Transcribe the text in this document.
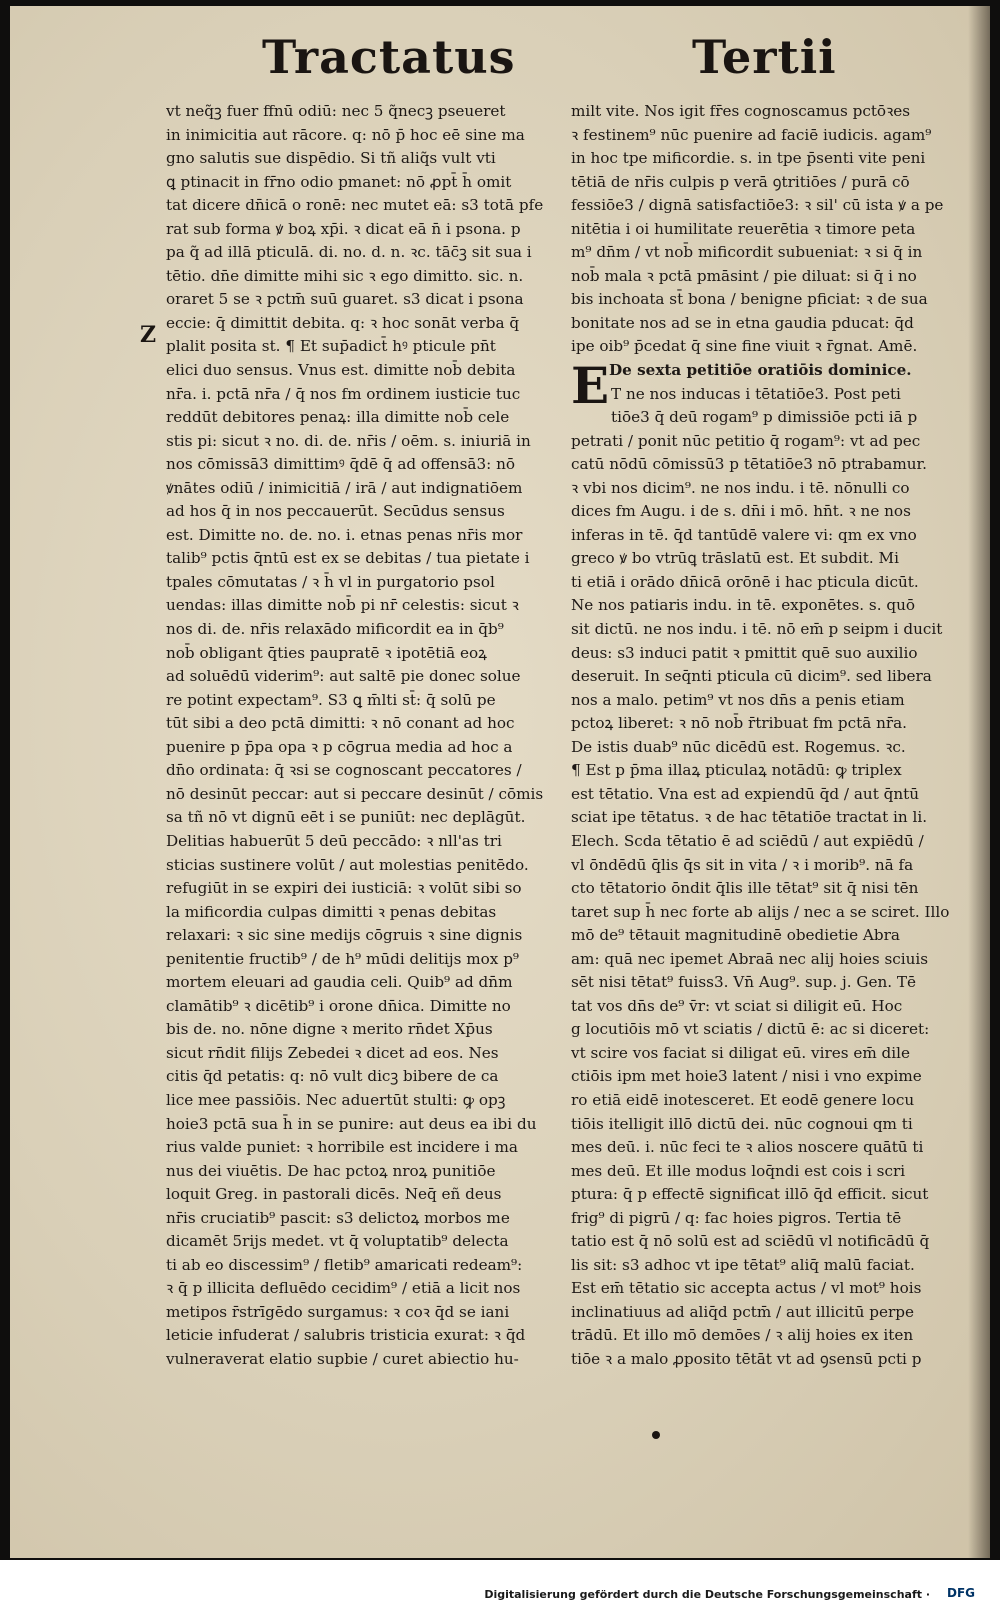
Tractatus	Tertii
Z
vt neq̃ꝫ fuer ffnū odiū: nec 5 q̃necꝫ pseueret
in inimicitia aut rācore. q: nō p̄ hoc eē sine ma
gno salutis sue dispēdio. Si tñ aliq̃s vult vti
ꝗ ptinacit in fr̄no odio pmanet: nō ꝓpt̄ h̄ omit
tat dicere dn̄icā o ronē: nec mutet eā: s3 totā pfe
rat sub forma ꝟ boꝝ xp̄i. ꝛ dicat eā n̄ i psona. p
pa q̃ ad illā pticulā. di. no. d. n. ꝛc. tāc̄ꝫ sit sua i
tētio. dn̄e dimitte mihi sic ꝛ ego dimitto. sic. n.
oraret 5 se ꝛ pctm̄ suū guaret. s3 dicat i psona
eccie: q̄ dimittit debita. q: ꝛ hoc sonāt verba q̄
plalit posita st. ¶ Et sup̄adict̄ hꝰ pticule pn̄t
elici duo sensus. Vnus est. dimitte nob̄ debita
nr̄a. i. pctā nr̄a / q̄ nos fm ordinem iusticie tuc
reddūt debitores penaꝝ: illa dimitte nob̄ cele
stis pi: sicut ꝛ no. di. de. nr̄is / oēm. s. iniuriā in
nos cōmissā3 dimittimꝰ q̄dē q̄ ad offensā3: nō
ꝟnātes odiū / inimicitiā / irā / aut indignatiōem
ad hos q̄ in nos peccauerūt. Secūdus sensus
est. Dimitte no. de. no. i. etnas penas nr̄is mor
talib⁹ pctis q̄ntū est ex se debitas / tua pietate i
tpales cōmutatas / ꝛ h̄ vl in purgatorio psol
uendas: illas dimitte nob̄ pi nr̄ celestis: sicut ꝛ
nos di. de. nr̄is relaxādo mificordit ea in q̄b⁹
nob̄ obligant q̄ties paupratē ꝛ ipotētiā eoꝝ
ad soluēdū viderim⁹: aut saltē pie donec solue
re potint expectam⁹. S3 ꝗ m̄lti st̄: q̄ solū pe
tūt sibi a deo pctā dimitti: ꝛ nō conant ad hoc
puenire p p̄pa opa ꝛ p cōgrua media ad hoc a
dn̄o ordinata: q̄ ꝛsi se cognoscant peccatores /
nō desinūt peccar: aut si peccare desinūt / cōmis
sa tñ nō vt dignū eēt i se puniūt: nec deplāgūt.
Delitias habuerūt 5 deū peccādo: ꝛ nll'as tri
sticias sustinere volūt / aut molestias penitēdo.
refugiūt in se expiri dei iusticiā: ꝛ volūt sibi so
la mificordia culpas dimitti ꝛ penas debitas
relaxari: ꝛ sic sine medijs cōgruis ꝛ sine dignis
penitentie fructib⁹ / de h⁹ mūdi delitijs mox p⁹
mortem eleuari ad gaudia celi. Quib⁹ ad dn̄m
clamātib⁹ ꝛ dicētib⁹ i orone dn̄ica. Dimitte no
bis de. no. nōne digne ꝛ merito rn̄det Xp̄us
sicut rn̄dit filijs Zebedei ꝛ dicet ad eos. Nes
citis q̄d petatis: q: nō vult dicꝫ bibere de ca
lice mee passiōis. Nec aduertūt stulti: ꝙ opꝫ
hoie3 pctā sua h̄ in se punire: aut deus ea ibi du
rius valde puniet: ꝛ horribile est incidere i ma
nus dei viuētis. De hac pctoꝝ nroꝝ punitiōe
loquit Greg. in pastorali dicēs. Neq̄ eñ deus
nr̄is cruciatib⁹ pascit: s3 delictoꝝ morbos me
dicamēt 5rijs medet. vt q̄ voluptatib⁹ delecta
ti ab eo discessim⁹ / fletib⁹ amaricati redeam⁹:
ꝛ q̄ p illicita defluēdo cecidim⁹ / etiā a licit nos
metipos r̄strīgēdo surgamus: ꝛ coꝛ q̄d se iani
leticie infuderat / salubris tristicia exurat: ꝛ q̄d
vulneraverat elatio supbie / curet abiectio hu-
milt vite. Nos igit fr̄es cognoscamus pctōꝛes
ꝛ festinem⁹ nūc puenire ad faciē iudicis. agam⁹
in hoc tpe mificordie. s. in tpe p̄senti vite peni
tētiā de nr̄is culpis p verā ꝯtritiōes / purā cō
fessiōe3 / dignā satisfactiōe3: ꝛ sil' cū ista ꝟ a pe
nitētia i oi humilitate reuerētia ꝛ timore peta
m⁹ dn̄m / vt nob̄ mificordit subueniat: ꝛ si q̄ in
nob̄ mala ꝛ pctā pmāsint / pie diluat: si q̄ i no
bis inchoata st̄ bona / benigne pficiat: ꝛ de sua
bonitate nos ad se in etna gaudia pducat: q̄d
ipe oib⁹ p̄cedat q̄ sine fine viuit ꝛ r̄gnat. Amē.
De sexta petitiōe oratiōis dominice.
T ne nos inducas i tētatiōe3. Post peti
tiōe3 q̄ deū rogam⁹ p dimissiōe pcti iā p
petrati / ponit nūc petitio q̄ rogam⁹: vt ad pec
catū nōdū cōmissū3 p tētatiōe3 nō ptrabamur.
ꝛ vbi nos dicim⁹. ne nos indu. i tē. nōnulli co
dices fm Augu. i de s. dn̄i i mō. hn̄t. ꝛ ne nos
inferas in tē. q̄d tantūdē valere vi: qm ex vno
greco ꝟ bo vtrūꝗ trāslatū est. Et subdit. Mi
ti etiā i orādo dn̄icā orōnē i hac pticula dicūt.
Ne nos patiaris indu. in tē. exponētes. s. quō
sit dictū. ne nos indu. i tē. nō em̄ p seipm i ducit
deus: s3 induci patit ꝛ pmittit quē suo auxilio
deseruit. In seq̄nti pticula cū dicim⁹. sed libera
nos a malo. petim⁹ vt nos dn̄s a penis etiam
pctoꝝ liberet: ꝛ nō nob̄ r̄tribuat fm pctā nr̄a.
De istis duab⁹ nūc dicēdū est. Rogemus. ꝛc.
¶ Est p p̄ma illaꝝ pticulaꝝ notādū: ꝙ triplex
est tētatio. Vna est ad expiendū q̄d / aut q̄ntū
sciat ipe tētatus. ꝛ de hac tētatiōe tractat in li.
Elech. Scda tētatio ē ad sciēdū / aut expiēdū /
vl ōndēdū q̄lis q̄s sit in vita / ꝛ i morib⁹. nā fa
cto tētatorio ōndit q̄lis ille tētat⁹ sit q̄ nisi tēn
taret sup h̄ nec forte ab alijs / nec a se sciret. Illo
mō de⁹ tētauit magnitudinē obedietie Abra
am: quā nec ipemet Abraā nec alij hoies sciuis
sēt nisi tētat⁹ fuiss3. Vn̄ Aug⁹. sup. j. Gen. Tē
tat vos dn̄s de⁹ v̄r: vt sciat si diligit eū. Hoc
g locutiōis mō vt sciatis / dictū ē: ac si diceret:
vt scire vos faciat si diligat eū. vires em̄ dile
ctiōis ipm met hoie3 latent / nisi i vno expime
ro etiā eidē inotesceret. Et eodē genere locu
tiōis itelligit illō dictū dei. nūc cognoui qm ti
mes deū. i. nūc feci te ꝛ alios noscere quātū ti
mes deū. Et ille modus loq̄ndi est cois i scri
ptura: q̄ p effectē significat illō q̄d efficit. sicut
frig⁹ di pigrū / q: fac hoies pigros. Tertia tē
tatio est q̄ nō solū est ad sciēdū vl notificādū q̄
lis sit: s3 adhoc vt ipe tētat⁹ aliq̄ malū faciat.
Est em̄ tētatio sic accepta actus / vl mot⁹ hois
inclinatiuus ad aliq̄d pctm̄ / aut illicitū perpe
trādū. Et illo mō demōes / ꝛ alij hoies ex iten
tiōe ꝛ a malo ꝓposito tētāt vt ad ꝯsensū pcti p
E
Digitalisierung gefördert durch die Deutsche Forschungsgemeinschaft ·	DFG
